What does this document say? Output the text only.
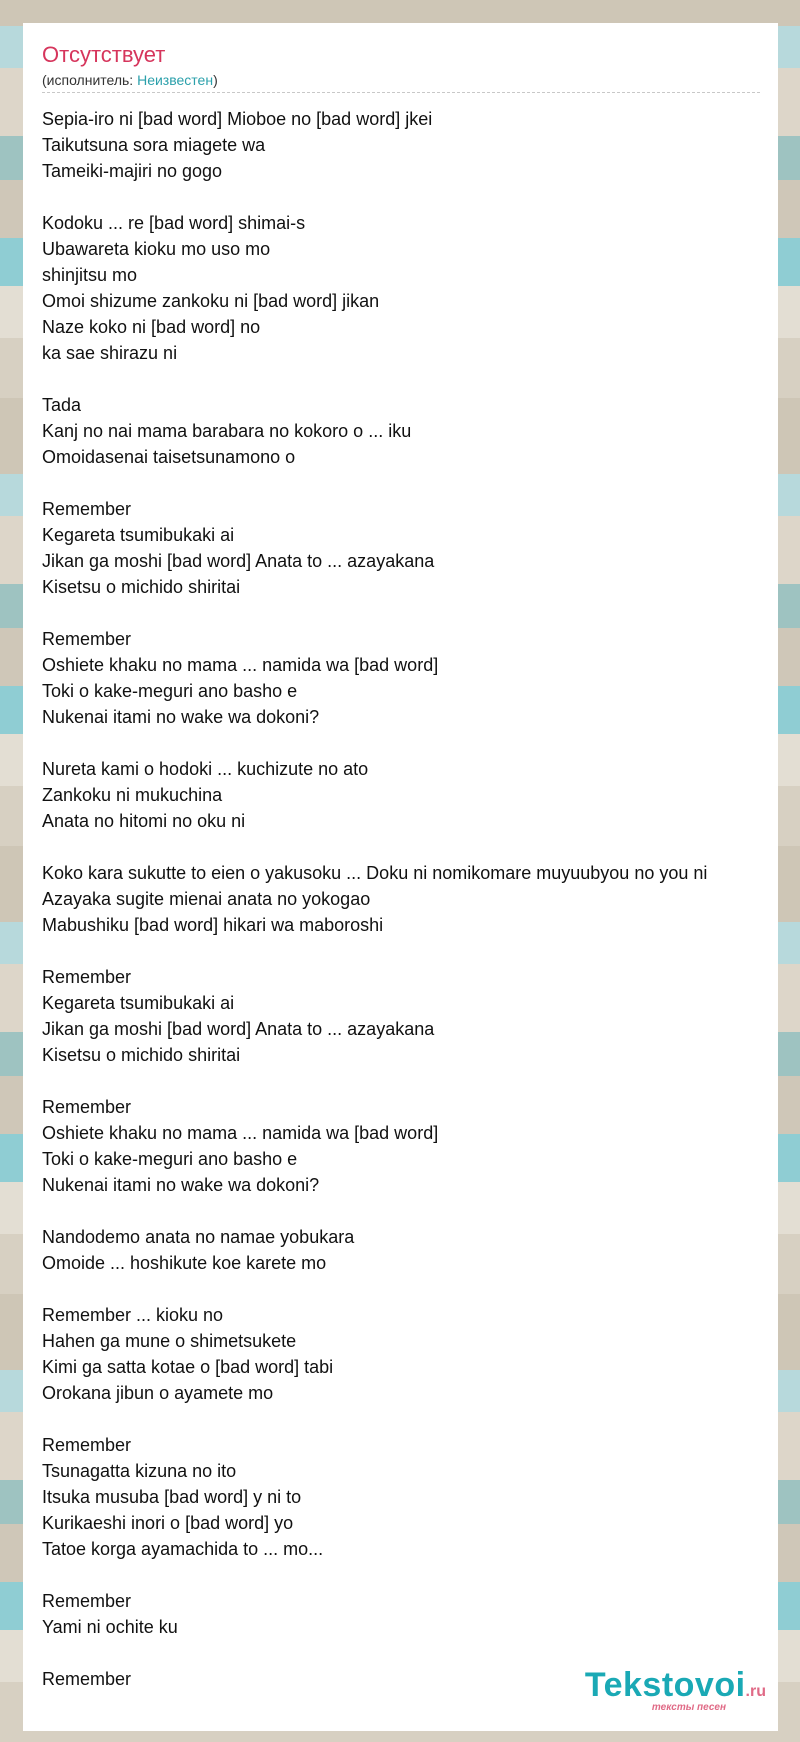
Отсутствует
(исполнитель: Неизвестен)
Sepia-iro ni [bad word] Mioboe no [bad word] jkei
Taikutsuna sora miagete wa
Tameiki-majiri no gogo
Kodoku ... re [bad word] shimai-s
Ubawareta kioku mo uso mo
shinjitsu mo
Omoi shizume zankoku ni [bad word] jikan
Naze koko ni [bad word] no
ka sae shirazu ni
Tada
Kanj no nai mama barabara no kokoro o ... iku
Omoidasenai taisetsunamono o
Remember
Kegareta tsumibukaki ai
Jikan ga moshi [bad word] Anata to ... azayakana
Kisetsu o michido shiritai
Remember
Oshiete khaku no mama ... namida wa [bad word]
Toki o kake-meguri ano basho e
Nukenai itami no wake wa dokoni?
Nureta kami o hodoki ... kuchizute no ato
Zankoku ni mukuchina
Anata no hitomi no oku ni
Koko kara sukutte to eien o yakusoku ... Doku ni nomikomare muyuubyou no you ni
Azayaka sugite mienai anata no yokogao
Mabushiku [bad word] hikari wa maboroshi
Remember
Kegareta tsumibukaki ai
Jikan ga moshi [bad word] Anata to ... azayakana
Kisetsu o michido shiritai
Remember
Oshiete khaku no mama ... namida wa [bad word]
Toki o kake-meguri ano basho e
Nukenai itami no wake wa dokoni?
Nandodemo anata no namae yobukara
Omoide ... hoshikute koe karete mo
Remember ... kioku no
Hahen ga mune o shimetsukete
Kimi ga satta kotae o [bad word] tabi
Orokana jibun o ayamete mo
Remember
Tsunagatta kizuna no ito
Itsuka musuba [bad word] y ni to
Kurikaeshi inori o [bad word] yo
Tatoe korga ayamachida to ... mo...
Remember
Yami ni ochite ku
Remember	Tekstovoi.ru
тексты песен
